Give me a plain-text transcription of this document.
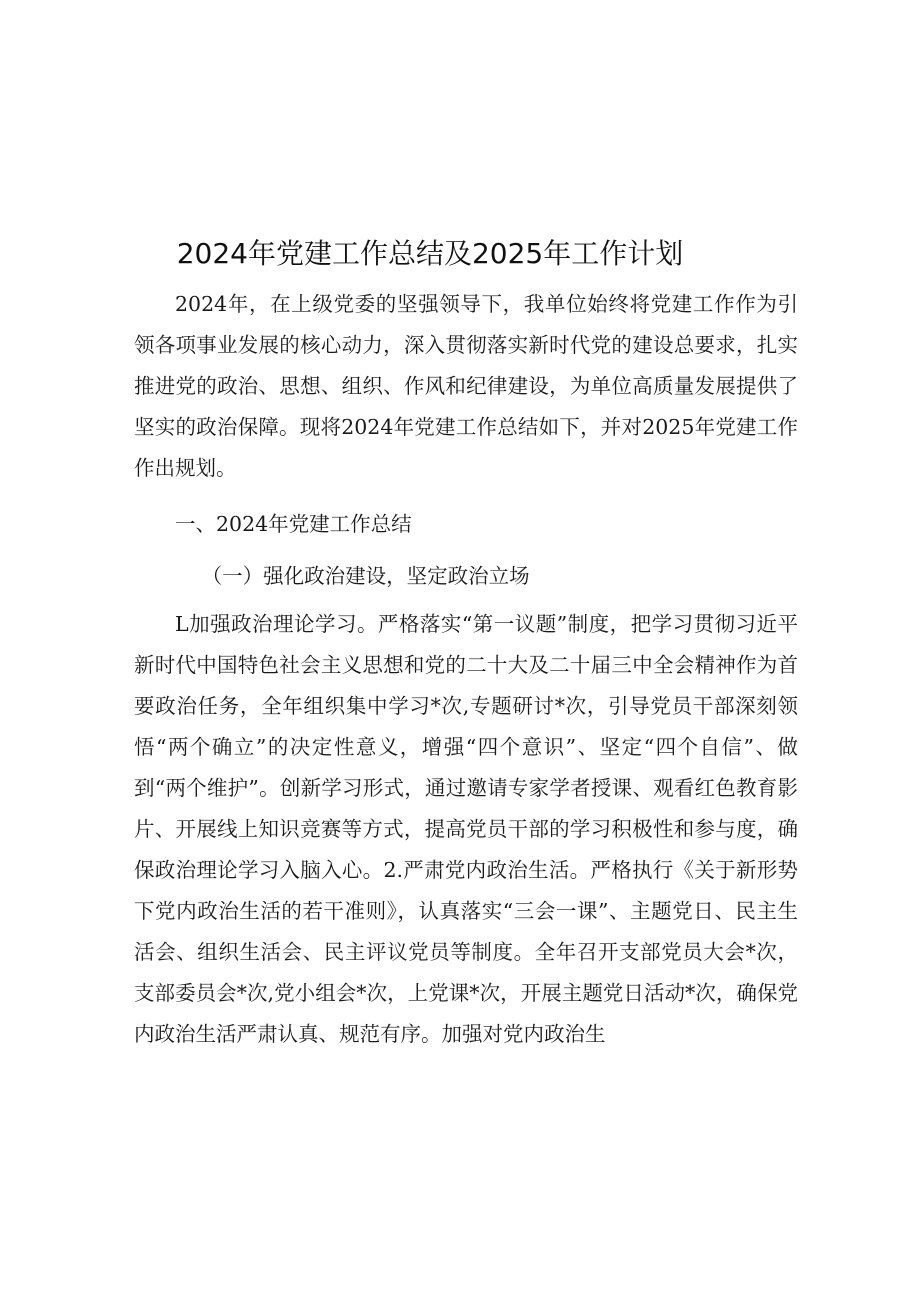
2024年党建工作总结及2025年工作计划

2024年，在上级党委的坚强领导下，我单位始终将党建工作作为引领各项事业发展的核心动力，深入贯彻落实新时代党的建设总要求，扎实推进党的政治、思想、组织、作风和纪律建设，为单位高质量发展提供了坚实的政治保障。现将2024年党建工作总结如下，并对2025年党建工作作出规划。

一、2024年党建工作总结

（一）强化政治建设，坚定政治立场

L加强政治理论学习。严格落实“第一议题”制度，把学习贯彻习近平新时代中国特色社会主义思想和党的二十大及二十届三中全会精神作为首要政治任务，全年组织集中学习*次,专题研讨*次，引导党员干部深刻领悟“两个确立”的决定性意义，增强“四个意识”、坚定“四个自信”、做到“两个维护”。创新学习形式，通过邀请专家学者授课、观看红色教育影片、开展线上知识竞赛等方式，提高党员干部的学习积极性和参与度，确保政治理论学习入脑入心。2.严肃党内政治生活。严格执行《关于新形势下党内政治生活的若干准则》，认真落实“三会一课”、主题党日、民主生活会、组织生活会、民主评议党员等制度。全年召开支部党员大会*次，支部委员会*次,党小组会*次，上党课*次，开展主题党日活动*次，确保党内政治生活严肃认真、规范有序。加强对党内政治生
